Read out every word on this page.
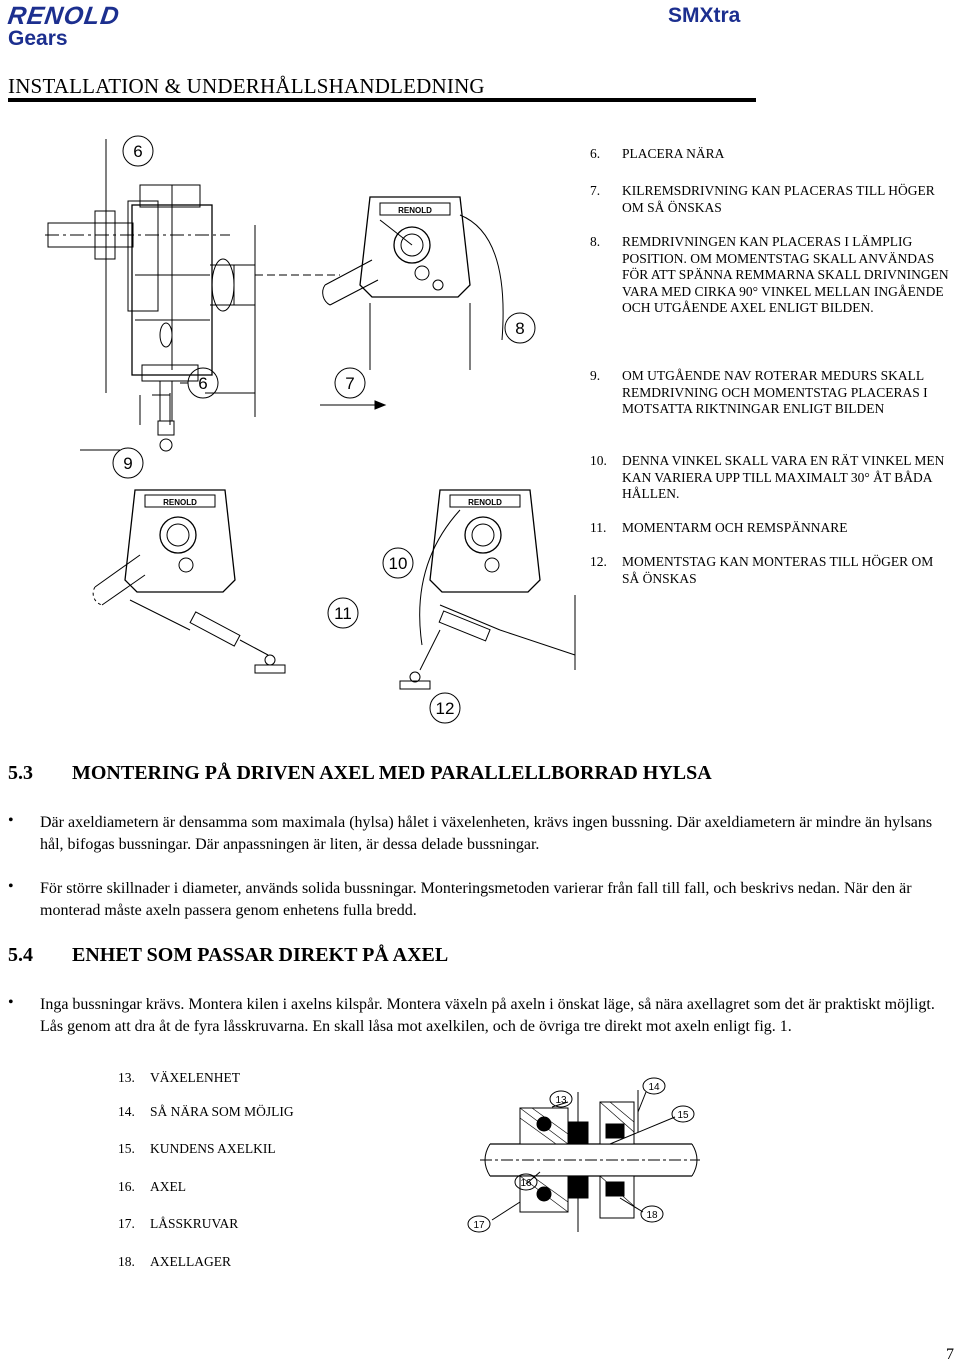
RENOLD
Gears
SMXtra
INSTALLATION & UNDERHÅLLSHANDLEDNING
6
6
RENOLD
8
7
9
RENOLD
11
10
RENOLD
12
6. PLACERA NÄRA
7. KILREMSDRIVNING KAN PLACERAS TILL HÖGER OM SÅ ÖNSKAS
8. REMDRIVNINGEN KAN PLACERAS I LÄMPLIG POSITION. OM MOMENTSTAG SKALL ANVÄNDAS FÖR ATT SPÄNNA REMMARNA SKALL DRIVNINGEN VARA MED CIRKA 90° VINKEL MELLAN INGÅENDE OCH UTGÅENDE AXEL ENLIGT BILDEN.
9. OM UTGÅENDE NAV ROTERAR MEDURS SKALL REMDRIVNING OCH MOMENTSTAG PLACERAS I MOTSATTA RIKTNINGAR ENLIGT BILDEN
10. DENNA VINKEL SKALL VARA EN RÄT VINKEL MEN KAN VARIERA UPP TILL MAXIMALT 30° ÅT BÅDA HÅLLEN.
11. MOMENTARM OCH REMSPÄNNARE
12. MOMENTSTAG KAN MONTERAS TILL HÖGER OM SÅ ÖNSKAS
5.3 MONTERING PÅ DRIVEN AXEL MED PARALLELLBORRAD HYLSA
• Där axeldiametern är densamma som maximala (hylsa) hålet i växelenheten, krävs ingen bussning. Där axeldiametern är mindre än hylsans hål, bifogas bussningar. Där anpassningen är liten, är dessa delade bussningar.
• För större skillnader i diameter, används solida bussningar. Monteringsmetoden varierar från fall till fall, och beskrivs nedan. När den är monterad måste axeln passera genom enhetens fulla bredd.
5.4 ENHET SOM PASSAR DIREKT PÅ AXEL
• Inga bussningar krävs. Montera kilen i axelns kilspår. Montera växeln på axeln i önskat läge, så nära axellagret som det är praktiskt möjligt. Lås genom att dra åt de fyra låsskruvarna. En skall låsa mot axelkilen, och de övriga tre direkt mot axeln enligt fig. 1.
13. VÄXELENHET
14. SÅ NÄRA SOM MÖJLIG
15. KUNDENS AXELKIL
16. AXEL
17. LÅSSKRUVAR
18. AXELLAGER
13
14
15
16
17
18
7
